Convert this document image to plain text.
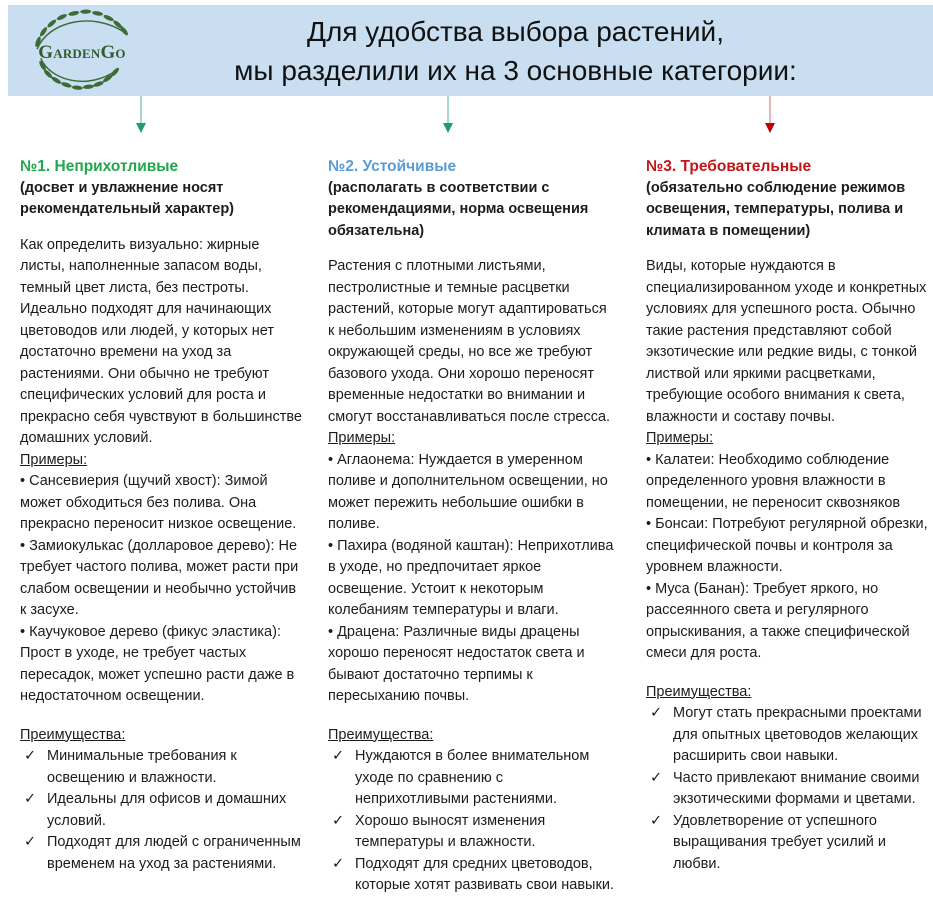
GardenGo
Для удобства выбора растений,
мы разделили их на 3 основные категории:
№1. Неприхотливые

(досвет и увлажнение носят рекомендательный характер)

Как определить визуально: жирные листы, наполненные запасом воды, темный цвет листа, без пестроты. Идеально подходят для начинающих цветоводов или людей, у которых нет достаточно времени на уход за растениями. Они обычно не требуют специфических условий для роста и прекрасно себя чувствуют в большинстве домашних условий.

Примеры:

• Сансевиерия (щучий хвост): Зимой может обходиться без полива. Она прекрасно переносит низкое освещение.

• Замиокулькас (долларовое дерево): Не требует частого полива, может расти при слабом освещении и необычно устойчив к засухе.

• Каучуковое дерево (фикус эластика): Прост в уходе, не требует частых пересадок, может успешно расти даже в недостаточном освещении.

Преимущества:

✓ Минимальные требования к освещению и влажности.
✓ Идеальны для офисов и домашних условий.
✓ Подходят для людей с ограниченным временем на уход за растениями.
№2. Устойчивые

(располагать в соответствии с рекомендациями, норма освещения обязательна)

Растения с плотными листьями, пестролистные и темные расцветки растений, которые могут адаптироваться к небольшим изменениям в условиях окружающей среды, но все же требуют базового ухода. Они хорошо переносят временные недостатки во внимании и смогут восстанавливаться после стресса.

Примеры:

• Аглаонема: Нуждается в умеренном поливе и дополнительном освещении, но может пережить небольшие ошибки в поливе.

• Пахира (водяной каштан): Неприхотлива в уходе, но предпочитает яркое освещение. Устоит к некоторым колебаниям температуры и влаги.

• Драцена: Различные виды драцены хорошо переносят недостаток света и бывают достаточно терпимы к пересыханию почвы.

Преимущества:

✓ Нуждаются в более внимательном уходе по сравнению с неприхотливыми растениями.
✓ Хорошо выносят изменения температуры и влажности.
✓ Подходят для средних цветоводов, которые хотят развивать свои навыки.
№3. Требовательные

(обязательно соблюдение режимов освещения, температуры, полива и климата в помещении)

Виды, которые нуждаются в специализированном уходе и конкретных условиях для успешного роста. Обычно такие растения представляют собой экзотические или редкие виды, с тонкой листвой или яркими расцветками, требующие особого внимания к света, влажности и составу почвы.

Примеры:

• Калатеи: Необходимо соблюдение определенного уровня влажности в помещении, не переносит сквозняков

• Бонсаи: Потребуют регулярной обрезки, специфической почвы и контроля за уровнем влажности.

• Муса (Банан): Требует яркого, но рассеянного света и регулярного опрыскивания, а также специфической смеси для роста.

Преимущества:

✓ Могут стать прекрасными проектами для опытных цветоводов желающих расширить свои навыки.
✓ Часто привлекают внимание своими экзотическими формами и цветами.
✓ Удовлетворение от успешного выращивания требует усилий и любви.
